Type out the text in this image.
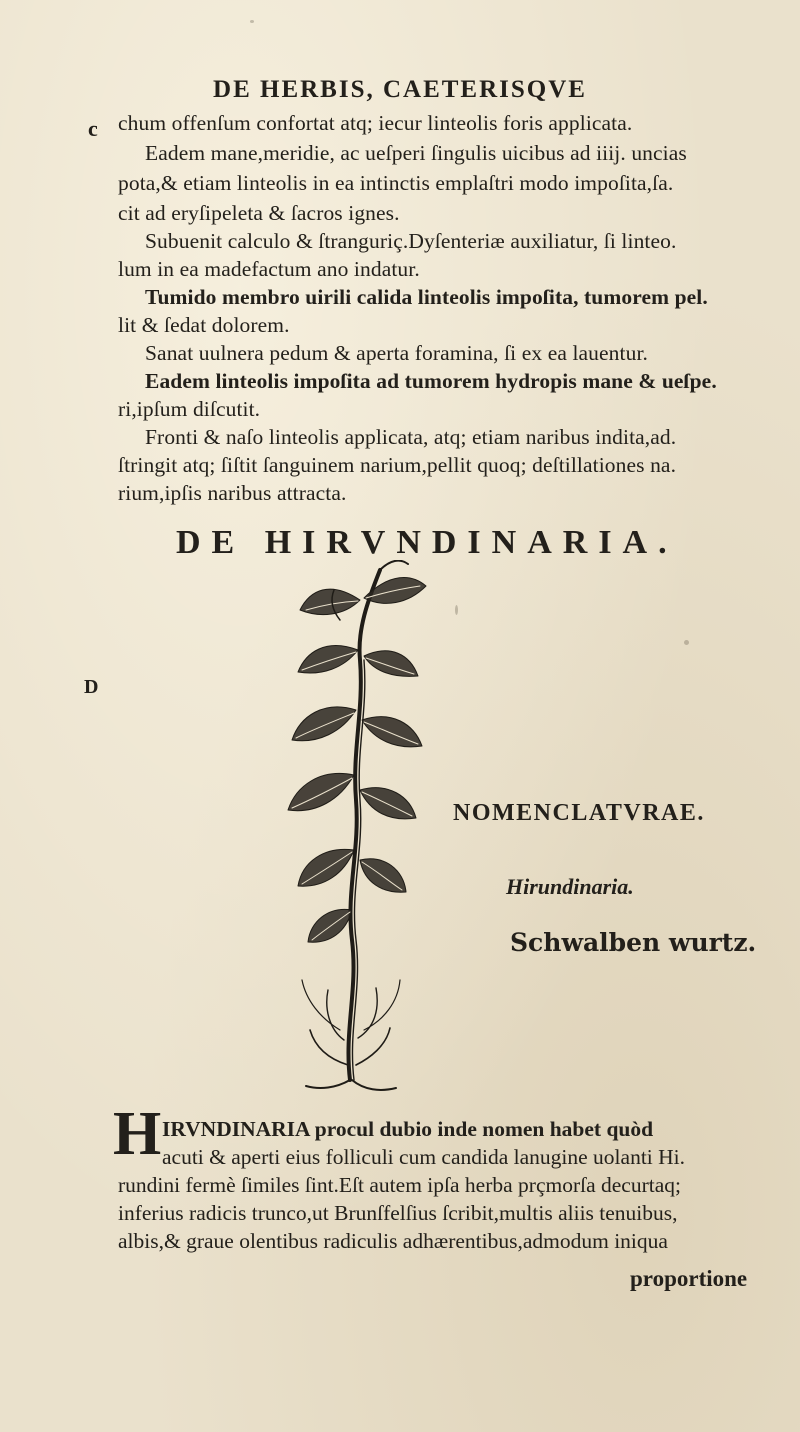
DE HERBIS, CAETERISQVE
c
D
chum offenſum confortat atq; iecur linteolis foris applicata.
Eadem mane,meridie, ac ueſperi ſingulis uicibus ad iiij. uncias
pota,& etiam linteolis in ea intinctis emplaſtri modo impoſita,ſa.
cit ad eryſipeleta & ſacros ignes.
Subuenit calculo & ſtranguriç.Dyſenteriæ auxiliatur, ſi linteo.
lum in ea madefactum ano indatur.
Tumido membro uirili calida linteolis impoſita, tumorem pel.
lit & ſedat dolorem.
Sanat uulnera pedum & aperta foramina, ſi ex ea lauentur.
Eadem linteolis impoſita ad tumorem hydropis mane & ueſpe.
ri,ipſum diſcutit.
Fronti & naſo linteolis applicata, atq; etiam naribus indita,ad.
ſtringit atq; ſiſtit ſanguinem narium,pellit quoq; deſtillationes na.
rium,ipſis naribus attracta.
DE HIRVNDINARIA.
NOMENCLATVRAE.
Hirundinaria.
Schwalben wurtz.
H IRVNDINARIA procul dubio inde nomen habet quòd
acuti & aperti eius folliculi cum candida lanugine uolanti Hi.
rundini fermè ſimiles ſint.Eſt autem ipſa herba prçmorſa decurtaq;
inferius radicis trunco,ut Brunſfelſius ſcribit,multis aliis tenuibus,
albis,& graue olentibus radiculis adhærentibus,admodum iniqua
proportione
